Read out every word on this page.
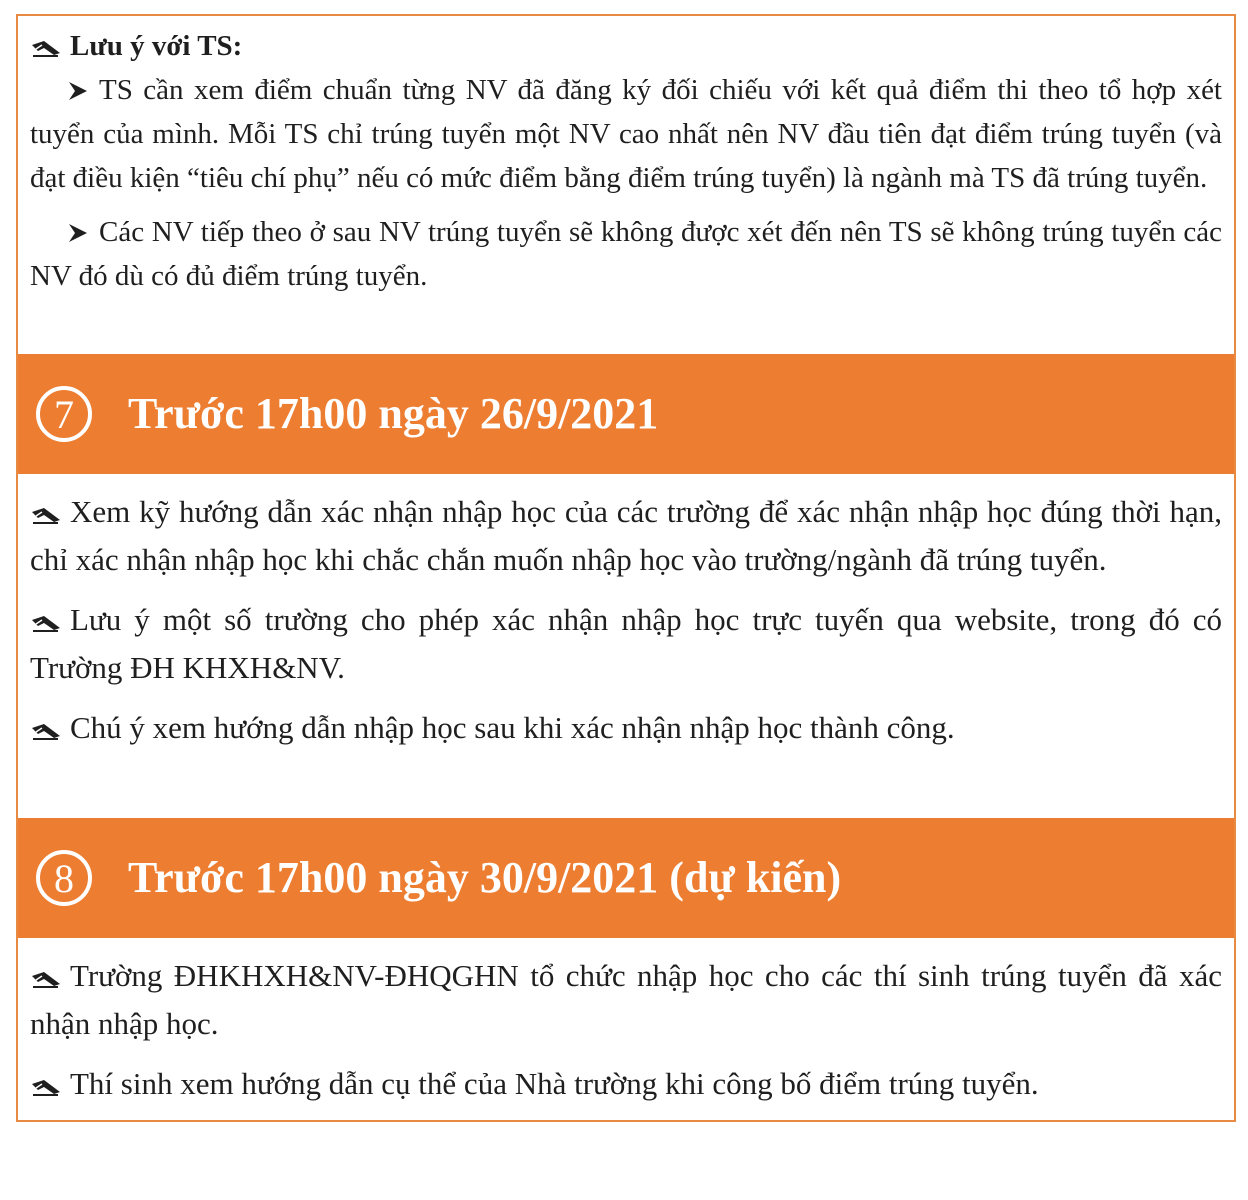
Lưu ý với TS:

TS cần xem điểm chuẩn từng NV đã đăng ký đối chiếu với kết quả điểm thi theo tổ hợp xét tuyển của mình. Mỗi TS chỉ trúng tuyển một NV cao nhất nên NV đầu tiên đạt điểm trúng tuyển (và đạt điều kiện “tiêu chí phụ” nếu có mức điểm bằng điểm trúng tuyển) là ngành mà TS đã trúng tuyển.

Các NV tiếp theo ở sau NV trúng tuyển sẽ không được xét đến nên TS sẽ không trúng tuyển các NV đó dù có đủ điểm trúng tuyển.

7 Trước 17h00 ngày 26/9/2021

Xem kỹ hướng dẫn xác nhận nhập học của các trường để xác nhận nhập học đúng thời hạn, chỉ xác nhận nhập học khi chắc chắn muốn nhập học vào trường/ngành đã trúng tuyển.

Lưu ý một số trường cho phép xác nhận nhập học trực tuyến qua website, trong đó có Trường ĐH KHXH&NV.

Chú ý xem hướng dẫn nhập học sau khi xác nhận nhập học thành công.

8 Trước 17h00 ngày 30/9/2021 (dự kiến)

Trường ĐHKHXH&NV-ĐHQGHN tổ chức nhập học cho các thí sinh trúng tuyển đã xác nhận nhập học.

Thí sinh xem hướng dẫn cụ thể của Nhà trường khi công bố điểm trúng tuyển.
